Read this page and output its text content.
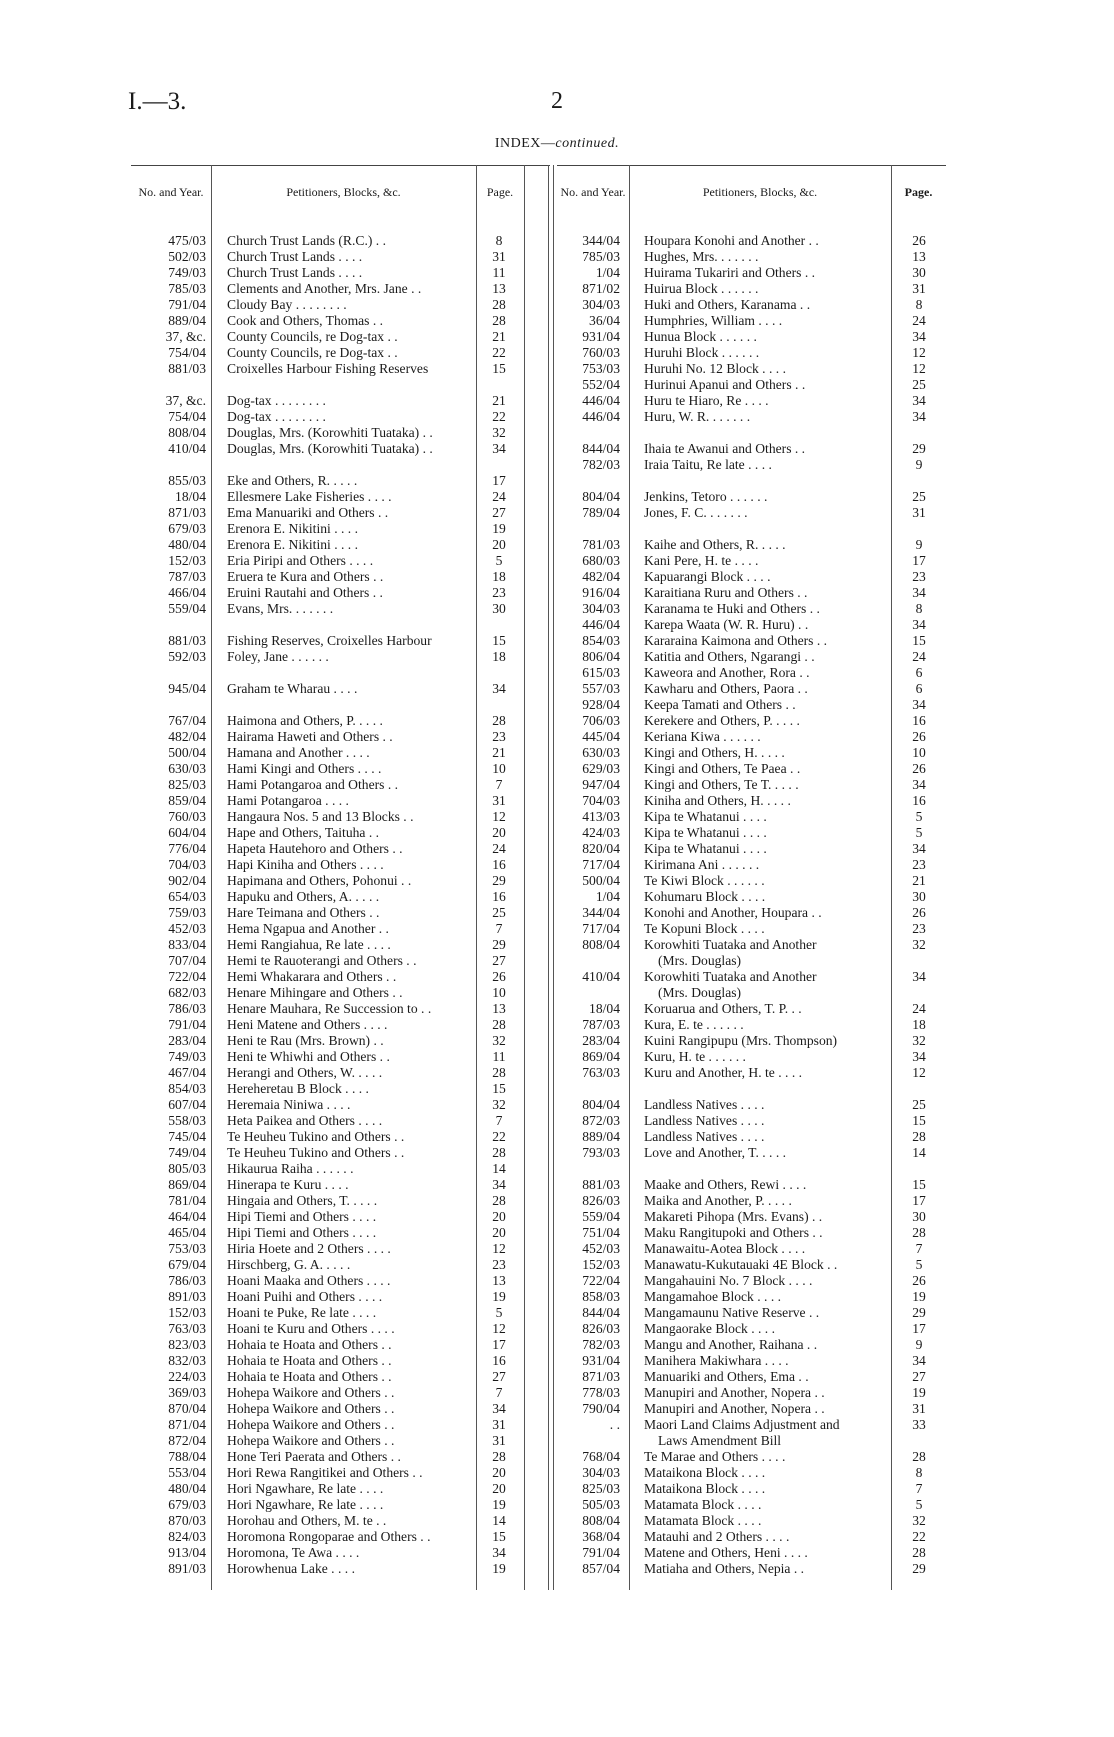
I.—3.	2
INDEX—continued.
No. and Year.	Petitioners, Blocks, &c.	Page.
475/03 Church Trust Lands (R.C.) . .	8
502/03 Church Trust Lands . . . .	31
749/03 Church Trust Lands . . . .	11
785/03 Clements and Another, Mrs. Jane . .	13
791/04 Cloudy Bay . . . . . . . .	28
889/04 Cook and Others, Thomas . .	28
37, &c. County Councils, re Dog-tax . .	21
754/04 County Councils, re Dog-tax . .	22
881/03 Croixelles Harbour Fishing Reserves	15
37, &c. Dog-tax . . . . . . . .	21
754/04 Dog-tax . . . . . . . .	22
808/04 Douglas, Mrs. (Korowhiti Tuataka) . .	32
410/04 Douglas, Mrs. (Korowhiti Tuataka) . .	34
855/03 Eke and Others, R. . . . .	17
18/04 Ellesmere Lake Fisheries . . . .	24
871/03 Ema Manuariki and Others . .	27
679/03 Erenora E. Nikitini . . . .	19
480/04 Erenora E. Nikitini . . . .	20
152/03 Eria Piripi and Others . . . .	5
787/03 Eruera te Kura and Others . .	18
466/04 Eruini Rautahi and Others . .	23
559/04 Evans, Mrs. . . . . . .	30
881/03 Fishing Reserves, Croixelles Harbour	15
592/03 Foley, Jane . . . . . .	18
945/04 Graham te Wharau . . . .	34
767/04 Haimona and Others, P. . . . .	28
482/04 Hairama Haweti and Others . .	23
500/04 Hamana and Another . . . .	21
630/03 Hami Kingi and Others . . . .	10
825/03 Hami Potangaroa and Others . .	7
859/04 Hami Potangaroa . . . .	31
760/03 Hangaura Nos. 5 and 13 Blocks . .	12
604/04 Hape and Others, Taituha . .	20
776/04 Hapeta Hautehoro and Others . .	24
704/03 Hapi Kiniha and Others . . . .	16
902/04 Hapimana and Others, Pohonui . .	29
654/03 Hapuku and Others, A. . . . .	16
759/03 Hare Teimana and Others . .	25
452/03 Hema Ngapua and Another . .	7
833/04 Hemi Rangiahua, Re late . . . .	29
707/04 Hemi te Rauoterangi and Others . .	27
722/04 Hemi Whakarara and Others . .	26
682/03 Henare Mihingare and Others . .	10
786/03 Henare Mauhara, Re Succession to . .	13
791/04 Heni Matene and Others . . . .	28
283/04 Heni te Rau (Mrs. Brown) . .	32
749/03 Heni te Whiwhi and Others . .	11
467/04 Herangi and Others, W. . . . .	28
854/03 Hereheretau B Block . . . .	15
607/04 Heremaia Niniwa . . . .	32
558/03 Heta Paikea and Others . . . .	7
745/04 Te Heuheu Tukino and Others . .	22
749/04 Te Heuheu Tukino and Others . .	28
805/03 Hikaurua Raiha . . . . . .	14
869/04 Hinerapa te Kuru . . . .	34
781/04 Hingaia and Others, T. . . . .	28
464/04 Hipi Tiemi and Others . . . .	20
465/04 Hipi Tiemi and Others . . . .	20
753/03 Hiria Hoete and 2 Others . . . .	12
679/04 Hirschberg, G. A. . . . .	23
786/03 Hoani Maaka and Others . . . .	13
891/03 Hoani Puihi and Others . . . .	19
152/03 Hoani te Puke, Re late . . . .	5
763/03 Hoani te Kuru and Others . . . .	12
823/03 Hohaia te Hoata and Others . .	17
832/03 Hohaia te Hoata and Others . .	16
224/03 Hohaia te Hoata and Others . .	27
369/03 Hohepa Waikore and Others . .	7
870/04 Hohepa Waikore and Others . .	34
871/04 Hohepa Waikore and Others . .	31
872/04 Hohepa Waikore and Others . .	31
788/04 Hone Teri Paerata and Others . .	28
553/04 Hori Rewa Rangitikei and Others . .	20
480/04 Hori Ngawhare, Re late . . . .	20
679/03 Hori Ngawhare, Re late . . . .	19
870/03 Horohau and Others, M. te . .	14
824/03 Horomona Rongoparae and Others . .	15
913/04 Horomona, Te Awa . . . .	34
891/03 Horowhenua Lake . . . .	19
No. and Year.	Petitioners, Blocks, &c.	Page.
344/04 Houpara Konohi and Another . .	26
785/03 Hughes, Mrs. . . . . . .	13
1/04 Huirama Tukariri and Others . .	30
871/02 Huirua Block . . . . . .	31
304/03 Huki and Others, Karanama . .	8
36/04 Humphries, William . . . .	24
931/04 Hunua Block . . . . . .	34
760/03 Huruhi Block . . . . . .	12
753/03 Huruhi No. 12 Block . . . .	12
552/04 Hurinui Apanui and Others . .	25
446/04 Huru te Hiaro, Re . . . .	34
446/04 Huru, W. R. . . . . . .	34
844/04 Ihaia te Awanui and Others . .	29
782/03 Iraia Taitu, Re late . . . .	9
804/04 Jenkins, Tetoro . . . . . .	25
789/04 Jones, F. C. . . . . . .	31
781/03 Kaihe and Others, R. . . . .	9
680/03 Kani Pere, H. te . . . .	17
482/04 Kapuarangi Block . . . .	23
916/04 Karaitiana Ruru and Others . .	34
304/03 Karanama te Huki and Others . .	8
446/04 Karepa Waata (W. R. Huru) . .	34
854/03 Kararaina Kaimona and Others . .	15
806/04 Katitia and Others, Ngarangi . .	24
615/03 Kaweora and Another, Rora . .	6
557/03 Kawharu and Others, Paora . .	6
928/04 Keepa Tamati and Others . .	34
706/03 Kerekere and Others, P. . . . .	16
445/04 Keriana Kiwa . . . . . .	26
630/03 Kingi and Others, H. . . . .	10
629/03 Kingi and Others, Te Paea . .	26
947/04 Kingi and Others, Te T. . . . .	34
704/03 Kiniha and Others, H. . . . .	16
413/03 Kipa te Whatanui . . . .	5
424/03 Kipa te Whatanui . . . .	5
820/04 Kipa te Whatanui . . . .	34
717/04 Kirimana Ani . . . . . .	23
500/04 Te Kiwi Block . . . . . .	21
1/04 Kohumaru Block . . . .	30
344/04 Konohi and Another, Houpara . .	26
717/04 Te Kopuni Block . . . .	23
808/04 Korowhiti Tuataka and Another	32
(Mrs. Douglas)
410/04 Korowhiti Tuataka and Another	34
(Mrs. Douglas)
18/04 Koruarua and Others, T. P. . .	24
787/03 Kura, E. te . . . . . .	18
283/04 Kuini Rangipupu (Mrs. Thompson)	32
869/04 Kuru, H. te . . . . . .	34
763/03 Kuru and Another, H. te . . . .	12
804/04 Landless Natives . . . .	25
872/03 Landless Natives . . . .	15
889/04 Landless Natives . . . .	28
793/03 Love and Another, T. . . . .	14
881/03 Maake and Others, Rewi . . . .	15
826/03 Maika and Another, P. . . . .	17
559/04 Makareti Pihopa (Mrs. Evans) . .	30
751/04 Maku Rangitupoki and Others . .	28
452/03 Manawaitu-Aotea Block . . . .	7
152/03 Manawatu-Kukutauaki 4E Block . .	5
722/04 Mangahauini No. 7 Block . . . .	26
858/03 Mangamahoe Block . . . .	19
844/04 Mangamaunu Native Reserve . .	29
826/03 Mangaorake Block . . . .	17
782/03 Mangu and Another, Raihana . .	9
931/04 Manihera Makiwhara . . . .	34
871/03 Manuariki and Others, Ema . .	27
778/03 Manupiri and Another, Nopera . .	19
790/04 Manupiri and Another, Nopera . .	31
. . Maori Land Claims Adjustment and	33
Laws Amendment Bill
768/04 Te Marae and Others . . . .	28
304/03 Mataikona Block . . . .	8
825/03 Mataikona Block . . . .	7
505/03 Matamata Block . . . .	5
808/04 Matamata Block . . . .	32
368/04 Matauhi and 2 Others . . . .	22
791/04 Matene and Others, Heni . . . .	28
857/04 Matiaha and Others, Nepia . .	29
